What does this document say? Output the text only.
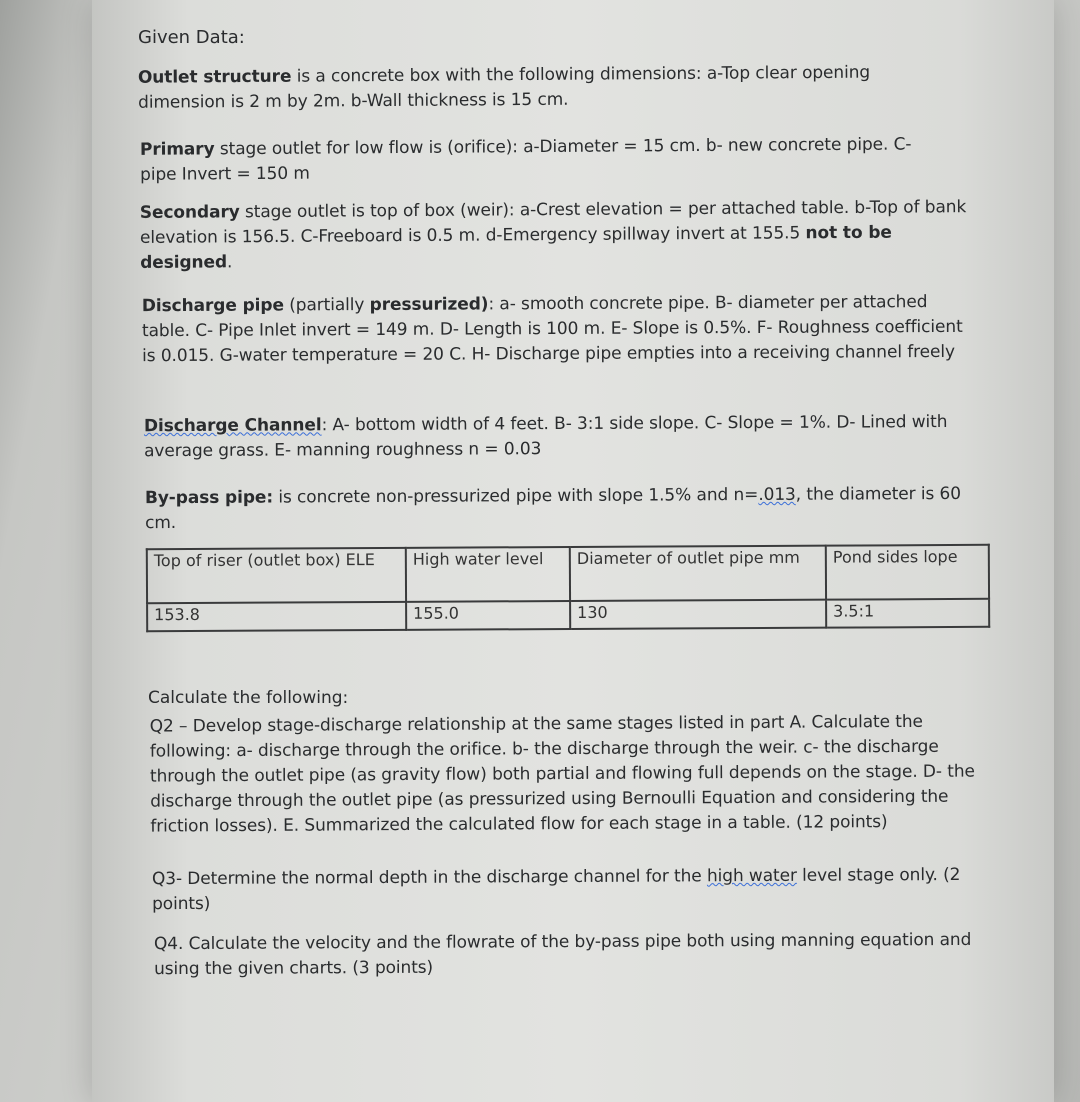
Given Data:

Outlet structure is a concrete box with the following dimensions: a-Top clear opening dimension is 2 m by 2m. b-Wall thickness is 15 cm.

Primary stage outlet for low flow is (orifice): a-Diameter = 15 cm. b- new concrete pipe. C- pipe Invert = 150 m

Secondary stage outlet is top of box (weir): a-Crest elevation = per attached table. b-Top of bank elevation is 156.5. C-Freeboard is 0.5 m. d-Emergency spillway invert at 155.5 not to be designed.

Discharge pipe (partially pressurized): a- smooth concrete pipe. B- diameter per attached table. C- Pipe Inlet invert = 149 m. D- Length is 100 m. E- Slope is 0.5%. F- Roughness coefficient is 0.015. G-water temperature = 20 C. H- Discharge pipe empties into a receiving channel freely

Discharge Channel: A- bottom width of 4 feet. B- 3:1 side slope. C- Slope = 1%. D- Lined with average grass. E- manning roughness n = 0.03

By-pass pipe: is concrete non-pressurized pipe with slope 1.5% and n=.013, the diameter is 60 cm.

Top of riser (outlet box) ELE	High water level	Diameter of outlet pipe mm	Pond sides lope
153.8	155.0	130	3.5:1
Calculate the following:

Q2 – Develop stage-discharge relationship at the same stages listed in part A. Calculate the following: a- discharge through the orifice. b- the discharge through the weir. c- the discharge through the outlet pipe (as gravity flow) both partial and flowing full depends on the stage. D- the discharge through the outlet pipe (as pressurized using Bernoulli Equation and considering the friction losses). E. Summarized the calculated flow for each stage in a table. (12 points)

Q3- Determine the normal depth in the discharge channel for the high water level stage only. (2 points)

Q4. Calculate the velocity and the flowrate of the by-pass pipe both using manning equation and using the given charts. (3 points)
